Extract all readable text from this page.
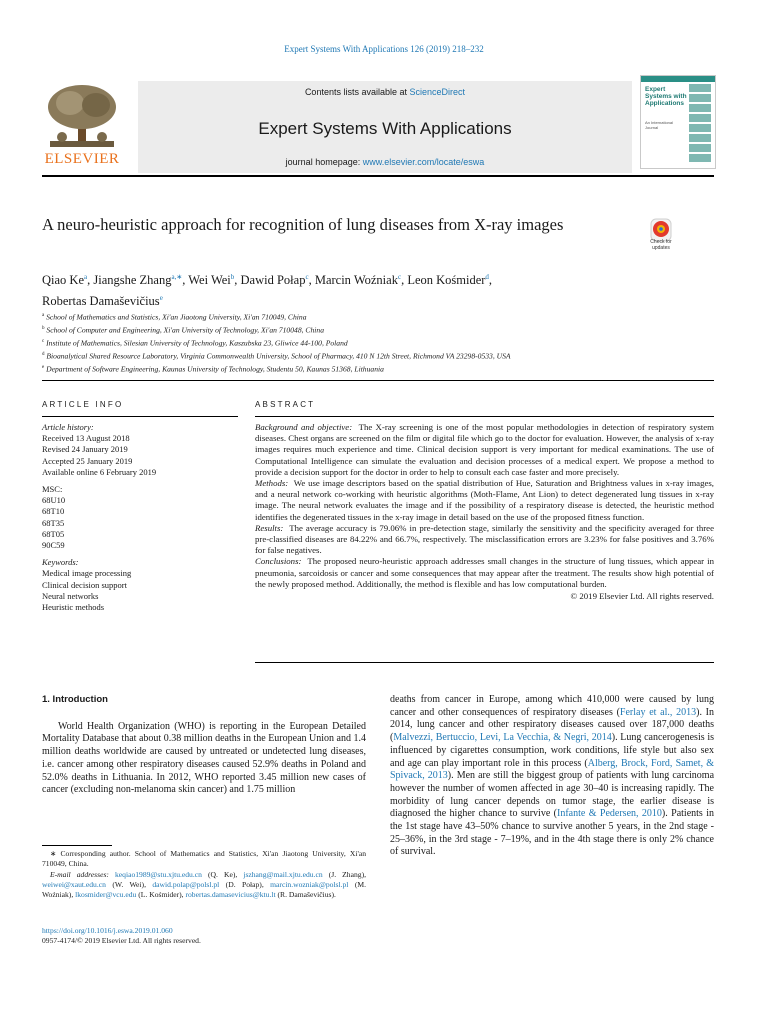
Expert Systems With Applications 126 (2019) 218–232
ELSEVIER
Contents lists available at ScienceDirect
Expert Systems With Applications
journal homepage: www.elsevier.com/locate/eswa
Expert Systems with Applications
An International Journal
A neuro-heuristic approach for recognition of lung diseases from X-ray images
Check for updates
Qiao Ke$^a$, Jiangshe Zhang$^{a,∗}$, Wei Wei$^b$, Dawid Połap$^c$, Marcin Woźniak$^c$, Leon Kośmider$^d$,
Robertas Damaševičius$^e$
$^a$ School of Mathematics and Statistics, Xi'an Jiaotong University, Xi'an 710049, China
$^b$ School of Computer and Engineering, Xi'an University of Technology, Xi'an 710048, China
$^c$ Institute of Mathematics, Silesian University of Technology, Kaszubska 23, Gliwice 44-100, Poland
$^d$ Bioanalytical Shared Resource Laboratory, Virginia Commonwealth University, School of Pharmacy, 410 N 12th Street, Richmond VA 23298-0533, USA
$^e$ Department of Software Engineering, Kaunas University of Technology, Studentu 50, Kaunas 51368, Lithuania
ARTICLE INFO	ABSTRACT
Article history:
Received 13 August 2018
Revised 24 January 2019
Accepted 25 January 2019
Available online 6 February 2019
MSC:
68U10
68T10
68T35
68T05
90C59
Keywords:
Medical image processing
Clinical decision support
Neural networks
Heuristic methods
Background and objective: The X-ray screening is one of the most popular methodologies in detection of respiratory system diseases. Chest organs are screened on the film or digital file which go to the doctor for evaluation. However, the analysis of x-ray images requires much experience and time. Clinical decision support is very important for medical examinations. The use of Computational Intelligence can simulate the evaluation and decision processes of a medical expert. We propose a method to provide a decision support for the doctor in order to help to consult each case faster and more precisely.
Methods: We use image descriptors based on the spatial distribution of Hue, Saturation and Brightness values in x-ray images, and a neural network co-working with heuristic algorithms (Moth-Flame, Ant Lion) to detect degenerated lung tissues in x-ray image. The neural network evaluates the image and if the possibility of a respiratory disease is detected, the heuristic method identifies the degenerated tissues in the x-ray image in detail based on the use of the proposed fitness function.
Results: The average accuracy is 79.06% in pre-detection stage, similarly the sensitivity and the specificity averaged for three pre-classified diseases are 84.22% and 66.7%, respectively. The misclassification errors are 3.23% for false positives and 3.76% for false negatives.
Conclusions: The proposed neuro-heuristic approach addresses small changes in the structure of lung tissues, which appear in pneumonia, sarcoidosis or cancer and some consequences that may appear after the treatment. The results show high potential of the newly proposed method. Additionally, the method is flexible and has low computational burden.
© 2019 Elsevier Ltd. All rights reserved.
1. Introduction

World Health Organization (WHO) is reporting in the European Detailed Mortality Database that about 0.38 million deaths in the European Union and 1.4 million deaths worldwide are caused by untreated or undetected lung diseases, i.e. cancer among other respiratory diseases caused 52.9% deaths in Poland and 52.0% deaths in Lithuania. In 2012, WHO reported 3.45 million new cases of cancer (excluding non-melanoma skin cancer) and 1.75 million

deaths from cancer in Europe, among which 410,000 were caused by lung cancer and other consequences of respiratory diseases (Ferlay et al., 2013). In 2014, lung cancer and other respiratory diseases caused over 187,000 deaths (Malvezzi, Bertuccio, Levi, La Vecchia, & Negri, 2014). Lung cancerogenesis is influenced by cigarettes consumption, work conditions, life style but also sex and age can play important role in this process (Alberg, Brock, Ford, Samet, & Spivack, 2013). Men are still the biggest group of patients with lung carcinoma however the number of women affected in age 30–40 is increasing rapidly. The morbidity of lung cancer depends on tumor stage, the earlier disease is diagnosed the higher chance to survive (Infante & Pedersen, 2010). Patients in the 1st stage have 43–50% chance to survive another 5 years, in the 2nd stage - 25–36%, in the 3rd stage - 7–19%, and in the 4th stage there is only 2% chance of survival.

∗ Corresponding author. School of Mathematics and Statistics, Xi'an Jiaotong University, Xi'an 710049, China.

E-mail addresses: keqiao1989@stu.xjtu.edu.cn (Q. Ke), jszhang@mail.xjtu.edu.cn (J. Zhang), weiwei@xaut.edu.cn (W. Wei), dawid.polap@polsl.pl (D. Połap), marcin.wozniak@polsl.pl (M. Woźniak), lkosmider@vcu.edu (L. Kośmider), robertas.damasevicius@ktu.lt (R. Damaševičius).

https://doi.org/10.1016/j.eswa.2019.01.060
0957-4174/© 2019 Elsevier Ltd. All rights reserved.
